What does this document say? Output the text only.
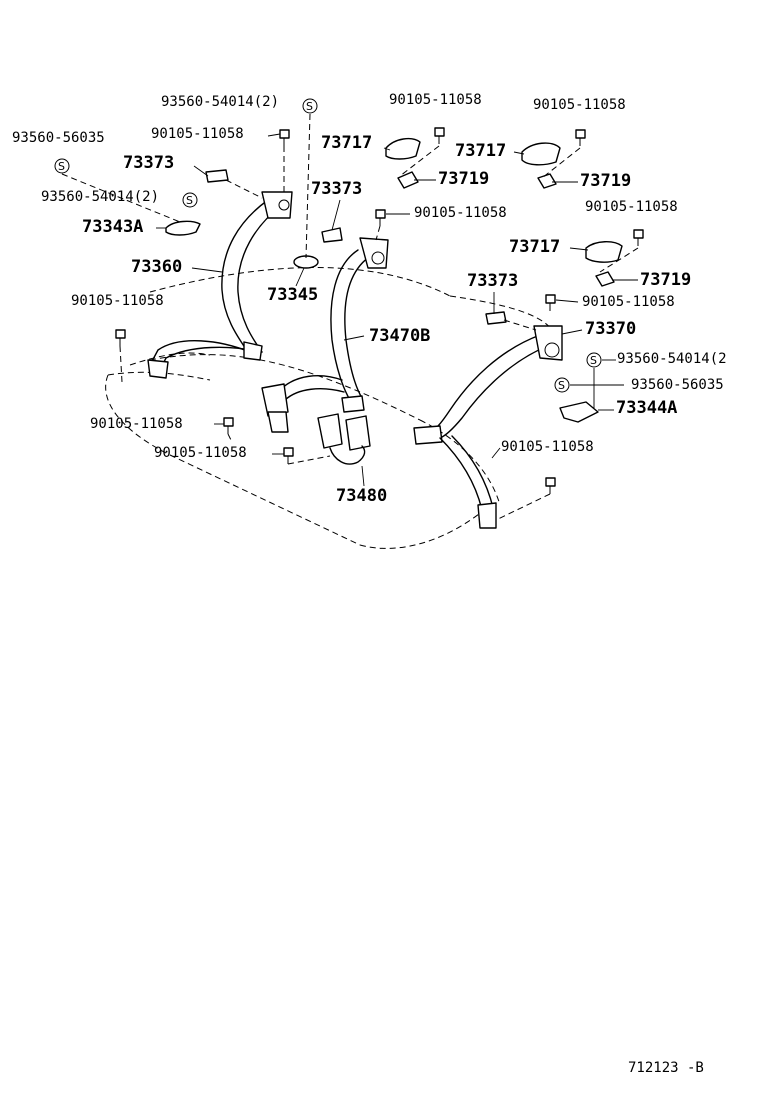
S
S
S
S
S
93560-54014(2)	90105-11058	90105-11058
93560-56035	90105-11058	73717	73717
73373
73719	73719
93560-54014(2)	73373
73343A
90105-11058	90105-11058
73717
73360
73719
73345
73373
90105-11058	90105-11058
73470B	73370
93560-54014(2
93560-56035
73344A
90105-11058
90105-11058
90105-11058
73480
712123 -B
